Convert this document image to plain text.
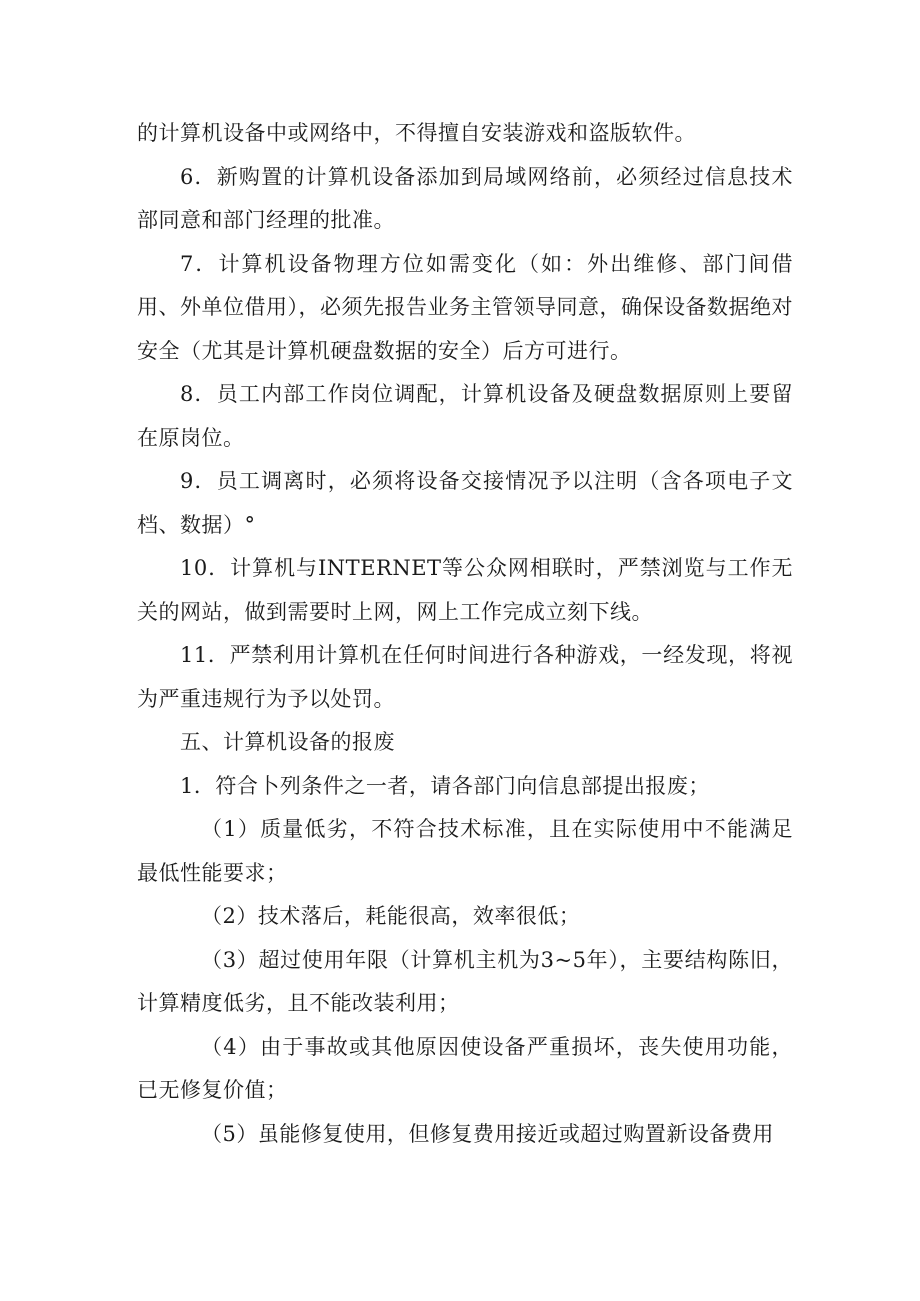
的计算机设备中或网络中，不得擅自安装游戏和盗版软件。

6．新购置的计算机设备添加到局域网络前，必须经过信息技术部同意和部门经理的批准。

7．计算机设备物理方位如需变化（如：外出维修、部门间借用、外单位借用），必须先报告业务主管领导同意，确保设备数据绝对安全（尤其是计算机硬盘数据的安全）后方可进行。

8．员工内部工作岗位调配，计算机设备及硬盘数据原则上要留在原岗位。

9．员工调离时，必须将设备交接情况予以注明（含各项电子文档、数据）°

10．计算机与INTERNET等公众网相联时，严禁浏览与工作无关的网站，做到需要时上网，网上工作完成立刻下线。

11．严禁利用计算机在任何时间进行各种游戏，一经发现，将视为严重违规行为予以处罚。

五、计算机设备的报废

1．符合卜列条件之一者，请各部门向信息部提出报废；

（1）质量低劣，不符合技术标准，且在实际使用中不能满足最低性能要求；

（2）技术落后，耗能很高，效率很低；

（3）超过使用年限（计算机主机为3~5年），主要结构陈旧，计算精度低劣，且不能改装利用；

（4）由于事故或其他原因使设备严重损坏，丧失使用功能，已无修复价值；

（5）虽能修复使用，但修复费用接近或超过购置新设备费用
